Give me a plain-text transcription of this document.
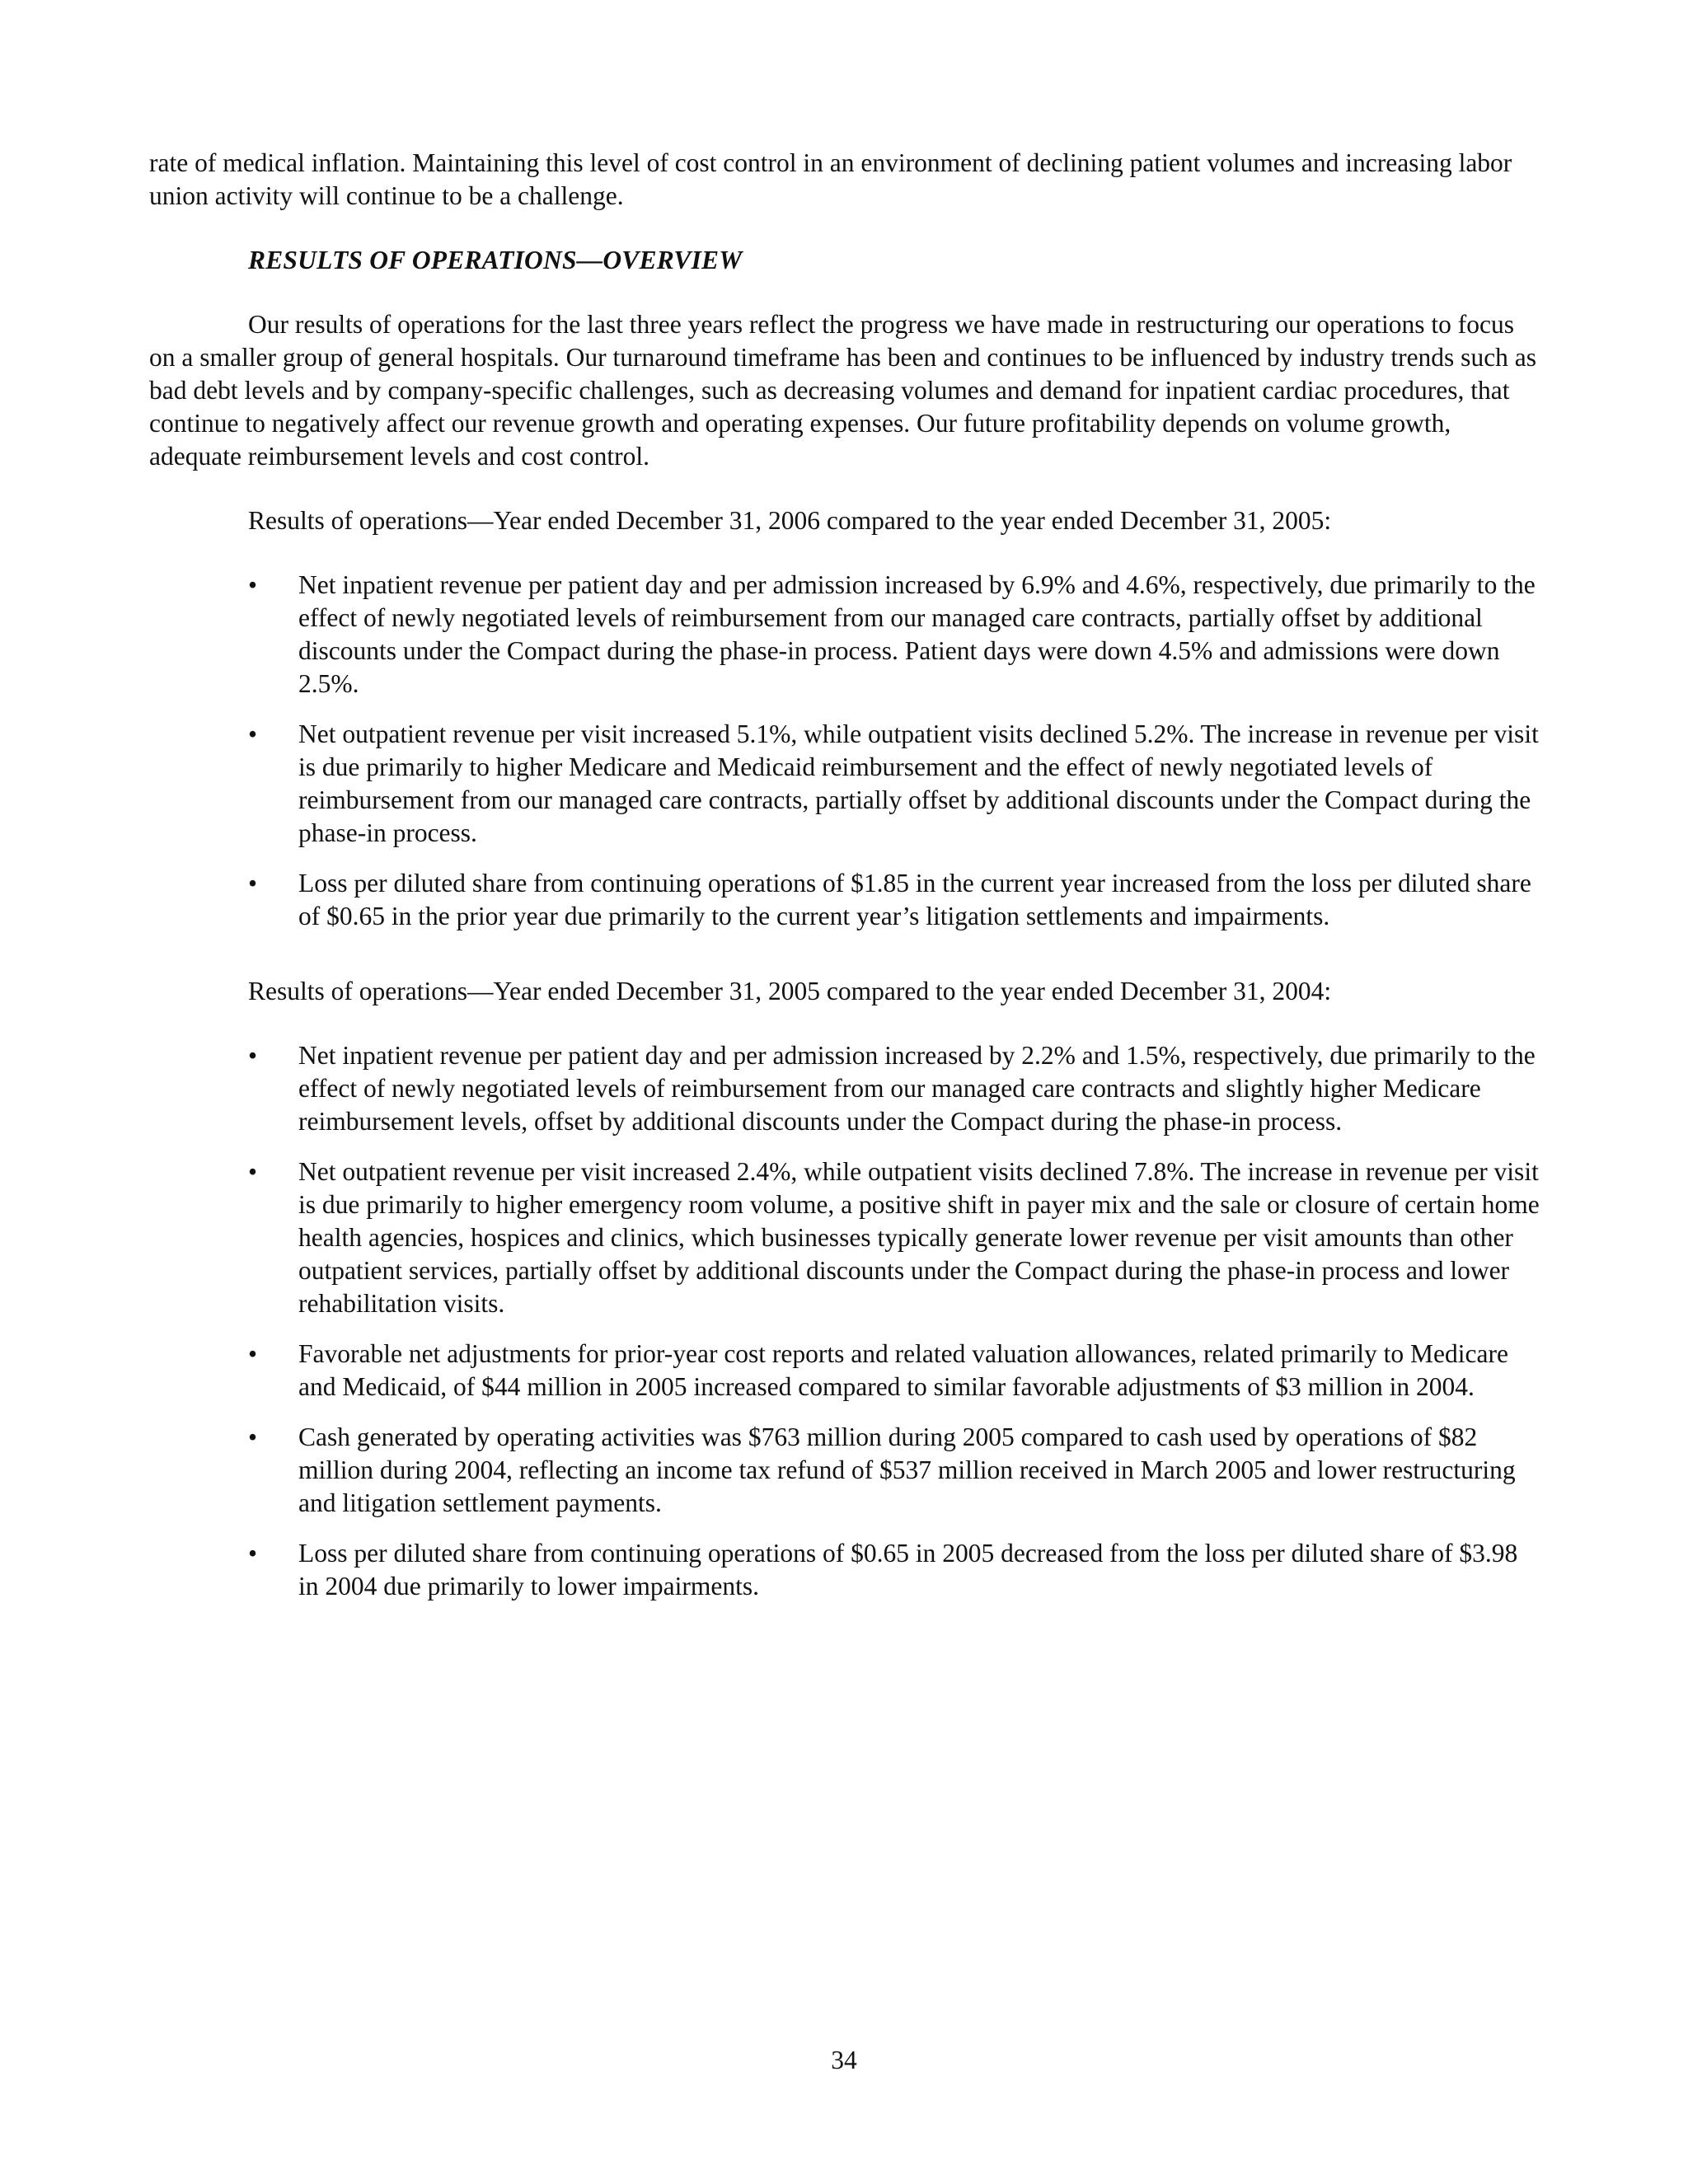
rate of medical inflation. Maintaining this level of cost control in an environment of declining patient volumes and increasing labor union activity will continue to be a challenge.

RESULTS OF OPERATIONS—OVERVIEW

Our results of operations for the last three years reflect the progress we have made in restructuring our operations to focus on a smaller group of general hospitals. Our turnaround timeframe has been and continues to be influenced by industry trends such as bad debt levels and by company-specific challenges, such as decreasing volumes and demand for inpatient cardiac procedures, that continue to negatively affect our revenue growth and operating expenses. Our future profitability depends on volume growth, adequate reimbursement levels and cost control.

Results of operations—Year ended December 31, 2006 compared to the year ended December 31, 2005:

• Net inpatient revenue per patient day and per admission increased by 6.9% and 4.6%, respectively, due primarily to the effect of newly negotiated levels of reimbursement from our managed care contracts, partially offset by additional discounts under the Compact during the phase-in process. Patient days were down 4.5% and admissions were down 2.5%.
• Net outpatient revenue per visit increased 5.1%, while outpatient visits declined 5.2%. The increase in revenue per visit is due primarily to higher Medicare and Medicaid reimbursement and the effect of newly negotiated levels of reimbursement from our managed care contracts, partially offset by additional discounts under the Compact during the phase-in process.
• Loss per diluted share from continuing operations of $1.85 in the current year increased from the loss per diluted share of $0.65 in the prior year due primarily to the current year’s litigation settlements and impairments.

Results of operations—Year ended December 31, 2005 compared to the year ended December 31, 2004:

• Net inpatient revenue per patient day and per admission increased by 2.2% and 1.5%, respectively, due primarily to the effect of newly negotiated levels of reimbursement from our managed care contracts and slightly higher Medicare reimbursement levels, offset by additional discounts under the Compact during the phase-in process.
• Net outpatient revenue per visit increased 2.4%, while outpatient visits declined 7.8%. The increase in revenue per visit is due primarily to higher emergency room volume, a positive shift in payer mix and the sale or closure of certain home health agencies, hospices and clinics, which businesses typically generate lower revenue per visit amounts than other outpatient services, partially offset by additional discounts under the Compact during the phase-in process and lower rehabilitation visits.
• Favorable net adjustments for prior-year cost reports and related valuation allowances, related primarily to Medicare and Medicaid, of $44 million in 2005 increased compared to similar favorable adjustments of $3 million in 2004.
• Cash generated by operating activities was $763 million during 2005 compared to cash used by operations of $82 million during 2004, reflecting an income tax refund of $537 million received in March 2005 and lower restructuring and litigation settlement payments.
• Loss per diluted share from continuing operations of $0.65 in 2005 decreased from the loss per diluted share of $3.98 in 2004 due primarily to lower impairments.
34
